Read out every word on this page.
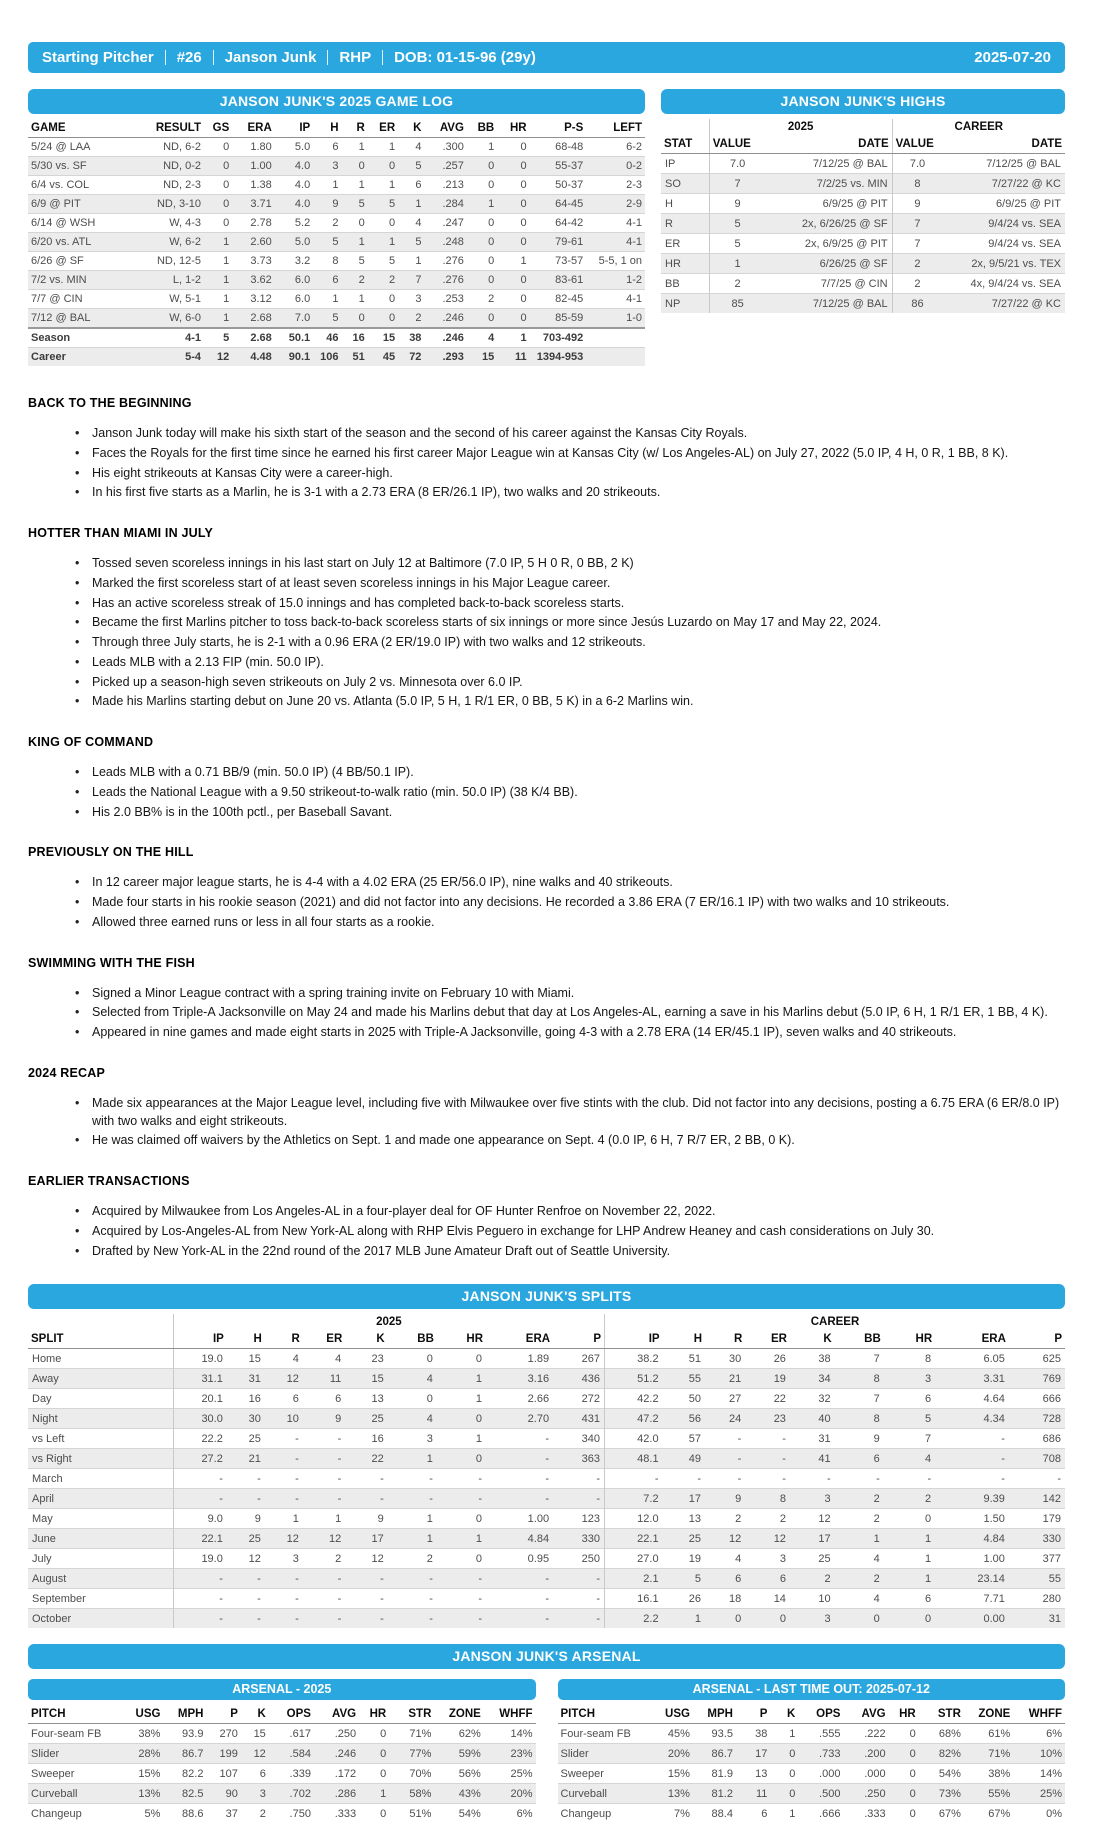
Starting Pitcher #26 Janson Junk RHP DOB: 01-15-96 (29y)	2025-07-20
JANSON JUNK'S 2025 GAME LOG
GAME	RESULT	GS	ERA	IP	H	R	ER	K	AVG	BB	HR	P-S	LEFT
5/24 @ LAA	ND, 6-2	0	1.80	5.0	6	1	1	4	.300	1	0	68-48	6-2
5/30 vs. SF	ND, 0-2	0	1.00	4.0	3	0	0	5	.257	0	0	55-37	0-2
6/4 vs. COL	ND, 2-3	0	1.38	4.0	1	1	1	6	.213	0	0	50-37	2-3
6/9 @ PIT	ND, 3-10	0	3.71	4.0	9	5	5	1	.284	1	0	64-45	2-9
6/14 @ WSH	W, 4-3	0	2.78	5.2	2	0	0	4	.247	0	0	64-42	4-1
6/20 vs. ATL	W, 6-2	1	2.60	5.0	5	1	1	5	.248	0	0	79-61	4-1
6/26 @ SF	ND, 12-5	1	3.73	3.2	8	5	5	1	.276	0	1	73-57	5-5, 1 on
7/2 vs. MIN	L, 1-2	1	3.62	6.0	6	2	2	7	.276	0	0	83-61	1-2
7/7 @ CIN	W, 5-1	1	3.12	6.0	1	1	0	3	.253	2	0	82-45	4-1
7/12 @ BAL	W, 6-0	1	2.68	7.0	5	0	0	2	.246	0	0	85-59	1-0
Season	4-1	5	2.68	50.1	46	16	15	38	.246	4	1	703-492	
Career	5-4	12	4.48	90.1	106	51	45	72	.293	15	11	1394-953	
JANSON JUNK'S HIGHS
	2025		CAREER	
STAT	VALUE	DATE	VALUE	DATE
IP	7.0	7/12/25 @ BAL	7.0	7/12/25 @ BAL
SO	7	7/2/25 vs. MIN	8	7/27/22 @ KC
H	9	6/9/25 @ PIT	9	6/9/25 @ PIT
R	5	2x, 6/26/25 @ SF	7	9/4/24 vs. SEA
ER	5	2x, 6/9/25 @ PIT	7	9/4/24 vs. SEA
HR	1	6/26/25 @ SF	2	2x, 9/5/21 vs. TEX
BB	2	7/7/25 @ CIN	2	4x, 9/4/24 vs. SEA
NP	85	7/12/25 @ BAL	86	7/27/22 @ KC
BACK TO THE BEGINNING
• Janson Junk today will make his sixth start of the season and the second of his career against the Kansas City Royals.
• Faces the Royals for the first time since he earned his first career Major League win at Kansas City (w/ Los Angeles-AL) on July 27, 2022 (5.0 IP, 4 H, 0 R, 1 BB, 8 K).
• His eight strikeouts at Kansas City were a career-high.
• In his first five starts as a Marlin, he is 3-1 with a 2.73 ERA (8 ER/26.1 IP), two walks and 20 strikeouts.
HOTTER THAN MIAMI IN JULY
• Tossed seven scoreless innings in his last start on July 12 at Baltimore (7.0 IP, 5 H 0 R, 0 BB, 2 K)
• Marked the first scoreless start of at least seven scoreless innings in his Major League career.
• Has an active scoreless streak of 15.0 innings and has completed back-to-back scoreless starts.
• Became the first Marlins pitcher to toss back-to-back scoreless starts of six innings or more since Jesús Luzardo on May 17 and May 22, 2024.
• Through three July starts, he is 2-1 with a 0.96 ERA (2 ER/19.0 IP) with two walks and 12 strikeouts.
• Leads MLB with a 2.13 FIP (min. 50.0 IP).
• Picked up a season-high seven strikeouts on July 2 vs. Minnesota over 6.0 IP.
• Made his Marlins starting debut on June 20 vs. Atlanta (5.0 IP, 5 H, 1 R/1 ER, 0 BB, 5 K) in a 6-2 Marlins win.
KING OF COMMAND
• Leads MLB with a 0.71 BB/9 (min. 50.0 IP) (4 BB/50.1 IP).
• Leads the National League with a 9.50 strikeout-to-walk ratio (min. 50.0 IP) (38 K/4 BB).
• His 2.0 BB% is in the 100th pctl., per Baseball Savant.
PREVIOUSLY ON THE HILL
• In 12 career major league starts, he is 4-4 with a 4.02 ERA (25 ER/56.0 IP), nine walks and 40 strikeouts.
• Made four starts in his rookie season (2021) and did not factor into any decisions. He recorded a 3.86 ERA (7 ER/16.1 IP) with two walks and 10 strikeouts.
• Allowed three earned runs or less in all four starts as a rookie.
SWIMMING WITH THE FISH
• Signed a Minor League contract with a spring training invite on February 10 with Miami.
• Selected from Triple-A Jacksonville on May 24 and made his Marlins debut that day at Los Angeles-AL, earning a save in his Marlins debut (5.0 IP, 6 H, 1 R/1 ER, 1 BB, 4 K).
• Appeared in nine games and made eight starts in 2025 with Triple-A Jacksonville, going 4-3 with a 2.78 ERA (14 ER/45.1 IP), seven walks and 40 strikeouts.
2024 RECAP
• Made six appearances at the Major League level, including five with Milwaukee over five stints with the club. Did not factor into any decisions, posting a 6.75 ERA (6 ER/8.0 IP) with two walks and eight strikeouts.
• He was claimed off waivers by the Athletics on Sept. 1 and made one appearance on Sept. 4 (0.0 IP, 6 H, 7 R/7 ER, 2 BB, 0 K).
EARLIER TRANSACTIONS
• Acquired by Milwaukee from Los Angeles-AL in a four-player deal for OF Hunter Renfroe on November 22, 2022.
• Acquired by Los-Angeles-AL from New York-AL along with RHP Elvis Peguero in exchange for LHP Andrew Heaney and cash considerations on July 30.
• Drafted by New York-AL in the 22nd round of the 2017 MLB June Amateur Draft out of Seattle University.
JANSON JUNK'S SPLITS
	2025									CAREER								
SPLIT	IP	H	R	ER	K	BB	HR	ERA	P	IP	H	R	ER	K	BB	HR	ERA	P
Home	19.0	15	4	4	23	0	0	1.89	267	38.2	51	30	26	38	7	8	6.05	625
Away	31.1	31	12	11	15	4	1	3.16	436	51.2	55	21	19	34	8	3	3.31	769
Day	20.1	16	6	6	13	0	1	2.66	272	42.2	50	27	22	32	7	6	4.64	666
Night	30.0	30	10	9	25	4	0	2.70	431	47.2	56	24	23	40	8	5	4.34	728
vs Left	22.2	25	-	-	16	3	1	-	340	42.0	57	-	-	31	9	7	-	686
vs Right	27.2	21	-	-	22	1	0	-	363	48.1	49	-	-	41	6	4	-	708
March	-	-	-	-	-	-	-	-	-	-	-	-	-	-	-	-	-	-
April	-	-	-	-	-	-	-	-	-	7.2	17	9	8	3	2	2	9.39	142
May	9.0	9	1	1	9	1	0	1.00	123	12.0	13	2	2	12	2	0	1.50	179
June	22.1	25	12	12	17	1	1	4.84	330	22.1	25	12	12	17	1	1	4.84	330
July	19.0	12	3	2	12	2	0	0.95	250	27.0	19	4	3	25	4	1	1.00	377
August	-	-	-	-	-	-	-	-	-	2.1	5	6	6	2	2	1	23.14	55
September	-	-	-	-	-	-	-	-	-	16.1	26	18	14	10	4	6	7.71	280
October	-	-	-	-	-	-	-	-	-	2.2	1	0	0	3	0	0	0.00	31
JANSON JUNK'S ARSENAL
ARSENAL - 2025
PITCH	USG	MPH	P	K	OPS	AVG	HR	STR	ZONE	WHFF
Four-seam FB	38%	93.9	270	15	.617	.250	0	71%	62%	14%
Slider	28%	86.7	199	12	.584	.246	0	77%	59%	23%
Sweeper	15%	82.2	107	6	.339	.172	0	70%	56%	25%
Curveball	13%	82.5	90	3	.702	.286	1	58%	43%	20%
Changeup	5%	88.6	37	2	.750	.333	0	51%	54%	6%
ARSENAL - LAST TIME OUT: 2025-07-12
PITCH	USG	MPH	P	K	OPS	AVG	HR	STR	ZONE	WHFF
Four-seam FB	45%	93.5	38	1	.555	.222	0	68%	61%	6%
Slider	20%	86.7	17	0	.733	.200	0	82%	71%	10%
Sweeper	15%	81.9	13	0	.000	.000	0	54%	38%	14%
Curveball	13%	81.2	11	0	.500	.250	0	73%	55%	25%
Changeup	7%	88.4	6	1	.666	.333	0	67%	67%	0%
